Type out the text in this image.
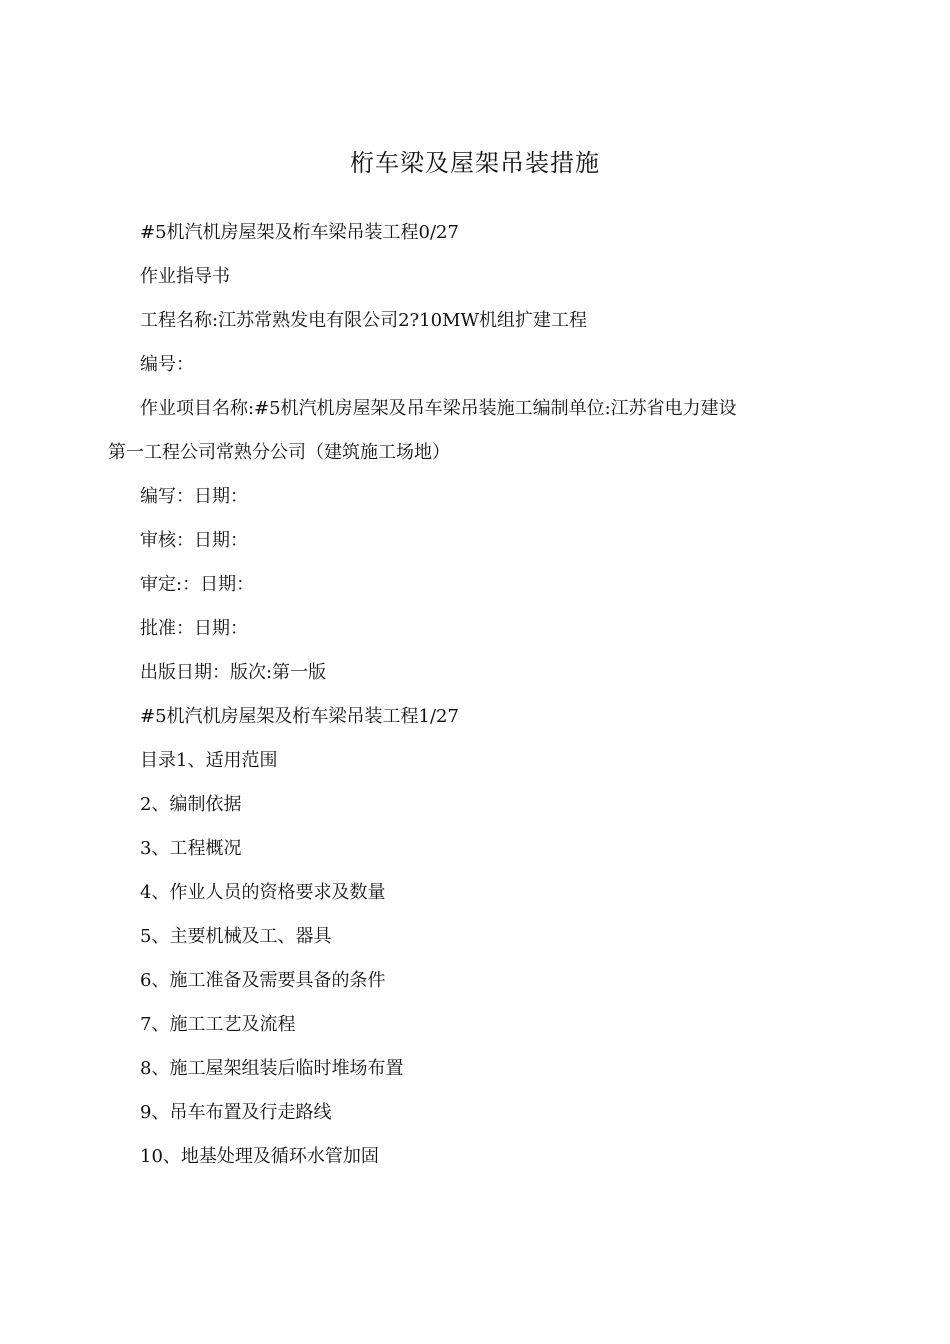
桁车梁及屋架吊装措施
#5机汽机房屋架及桁车梁吊装工程0/27
作业指导书
工程名称:江苏常熟发电有限公司2?10MW机组扩建工程
编号：
作业项目名称:#5机汽机房屋架及吊车梁吊装施工编制单位:江苏省电力建设
第一工程公司常熟分公司（建筑施工场地）
编写：日期：
审核：日期：
审定:：日期：
批准：日期：
出版日期：版次:第一版
#5机汽机房屋架及桁车梁吊装工程1/27
目录1、适用范围
2、编制依据
3、工程概况
4、作业人员的资格要求及数量
5、主要机械及工、器具
6、施工准备及需要具备的条件
7、施工工艺及流程
8、施工屋架组装后临时堆场布置
9、吊车布置及行走路线
10、地基处理及循环水管加固
